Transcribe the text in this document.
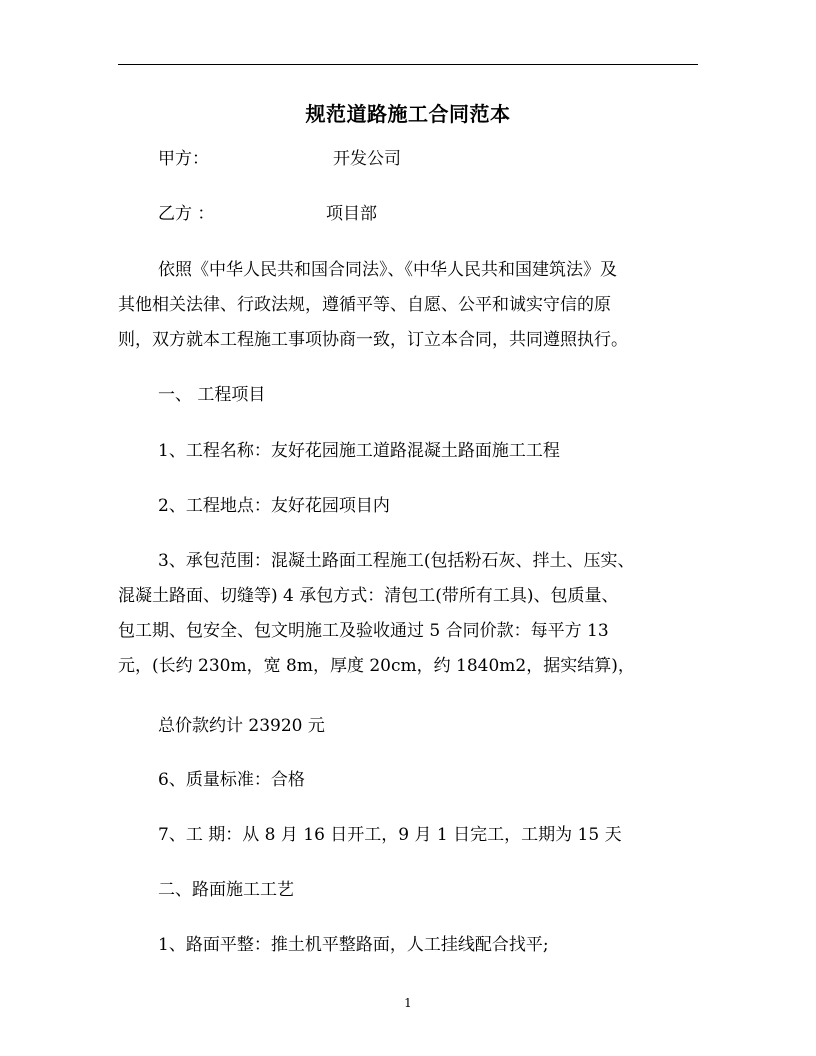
规范道路施工合同范本
甲方：	开发公司
乙方 ：	项目部
依照《中华人民共和国合同法》、《中华人民共和国建筑法》及
其他相关法律、行政法规，遵循平等、自愿、公平和诚实守信的原
则，双方就本工程施工事项协商一致，订立本合同，共同遵照执行。
一、 工程项目
1、工程名称：友好花园施工道路混凝土路面施工工程
2、工程地点：友好花园项目内
3、承包范围：混凝土路面工程施工(包括粉石灰、拌土、压实、
混凝土路面、切缝等) 4 承包方式：清包工(带所有工具)、包质量、
包工期、包安全、包文明施工及验收通过 5 合同价款：每平方 13
元，(长约 230m，宽 8m，厚度 20cm，约 1840m2，据实结算)，
总价款约计 23920 元
6、质量标准：合格
7、工 期：从 8 月 16 日开工，9 月 1 日完工，工期为 15 天
二、路面施工工艺
1、路面平整：推土机平整路面，人工挂线配合找平;
1
